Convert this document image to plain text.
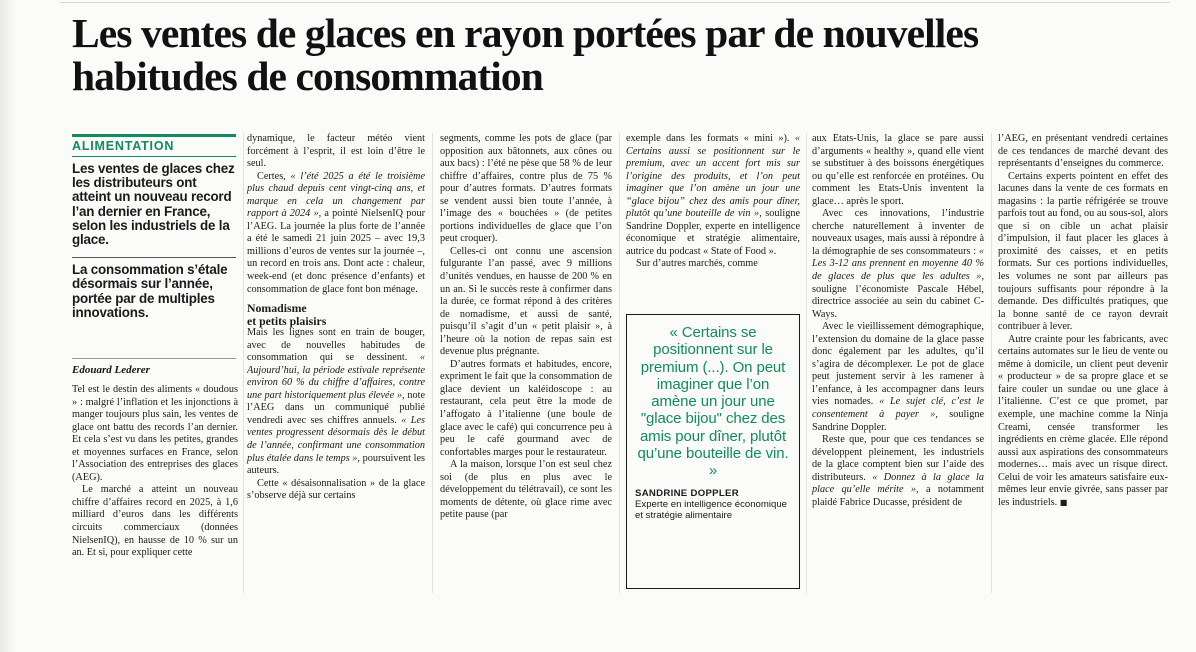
Les ventes de glaces en rayon portées par de nouvelles
habitudes de consommation
ALIMENTATION

Les ventes de glaces chez les distributeurs ont atteint un nouveau record l’an dernier en France, selon les industriels de la glace.

La consommation s’étale désormais sur l’année, portée par de multiples innovations.

Edouard Lederer

Tel est le destin des aliments « doudous » : malgré l’inflation et les injonctions à manger toujours plus sain, les ventes de glace ont battu des records l’an dernier. Et cela s’est vu dans les petites, grandes et moyennes surfaces en France, selon l’Association des entreprises des glaces (AEG).

Le marché a atteint un nouveau chiffre d’affaires record en 2025, à 1,6 milliard d’euros dans les différents circuits commerciaux (données NielsenIQ), en hausse de 10 % sur un an. Et si, pour expliquer cette

dynamique, le facteur météo vient forcément à l’esprit, il est loin d’être le seul.

Certes, « l’été 2025 a été le troisième plus chaud depuis cent vingt-cinq ans, et marque en cela un changement par rapport à 2024 », a pointé NielsenIQ pour l’AEG. La journée la plus forte de l’année a été le samedi 21 juin 2025 – avec 19,3 millions d’euros de ventes sur la journée –, un record en trois ans. Dont acte : chaleur, week-end (et donc présence d’enfants) et consommation de glace font bon ménage.

Nomadisme
et petits plaisirs

Mais les lignes sont en train de bouger, avec de nouvelles habitudes de consommation qui se dessinent. « Aujourd’hui, la période estivale représente environ 60 % du chiffre d’affaires, contre une part historiquement plus élevée », note l’AEG dans un communiqué publié vendredi avec ses chiffres annuels. « Les ventes progressent désormais dès le début de l’année, confirmant une consommation plus étalée dans le temps », poursuivent les auteurs.

Cette « désaisonnalisation » de la glace s’observe déjà sur certains

segments, comme les pots de glace (par opposition aux bâtonnets, aux cônes ou aux bacs) : l’été ne pèse que 58 % de leur chiffre d’affaires, contre plus de 75 % pour d’autres formats. D’autres formats se vendent aussi bien toute l’année, à l’image des « bouchées » (de petites portions individuelles de glace que l’on peut croquer).

Celles-ci ont connu une ascension fulgurante l’an passé, avec 9 millions d’unités vendues, en hausse de 200 % en un an. Si le succès reste à confirmer dans la durée, ce format répond à des critères de nomadisme, et aussi de santé, puisqu’il s’agit d’un « petit plaisir », à l’heure où la notion de repas sain est devenue plus prégnante.

D’autres formats et habitudes, encore, expriment le fait que la consommation de glace devient un kaléidoscope : au restaurant, cela peut être la mode de l’affogato à l’italienne (une boule de glace avec le café) qui concurrence peu à peu le café gourmand avec de confortables marges pour le restaurateur.

A la maison, lorsque l’on est seul chez soi (de plus en plus avec le développement du télétravail), ce sont les moments de détente, où glace rime avec petite pause (par

exemple dans les formats « mini »). « Certains aussi se positionnent sur le premium, avec un accent fort mis sur l’origine des produits, et l’on peut imaginer que l’on amène un jour une “glace bijou” chez des amis pour dîner, plutôt qu’une bouteille de vin », souligne Sandrine Doppler, experte en intelligence économique et stratégie alimentaire, autrice du podcast « State of Food ».

Sur d’autres marchés, comme

« Certains se positionnent sur le premium (...). On peut imaginer que l’on amène un jour une "glace bijou" chez des amis pour dîner, plutôt qu’une bouteille de vin. »
SANDRINE DOPPLER
Experte en intelligence économique et stratégie alimentaire

aux Etats-Unis, la glace se pare aussi d’arguments « healthy », quand elle vient se substituer à des boissons énergétiques ou qu’elle est renforcée en protéines. Ou comment les Etats-Unis inventent la glace… après le sport.

Avec ces innovations, l’industrie cherche naturellement à inventer de nouveaux usages, mais aussi à répondre à la démographie de ses consommateurs : « Les 3-12 ans prennent en moyenne 40 % de glaces de plus que les adultes », souligne l’économiste Pascale Hébel, directrice associée au sein du cabinet C-Ways.

Avec le vieillissement démographique, l’extension du domaine de la glace passe donc également par les adultes, qu’il s’agira de décomplexer. Le pot de glace peut justement servir à les ramener à l’enfance, à les accompagner dans leurs vies nomades. « Le sujet clé, c’est le consentement à payer », souligne Sandrine Doppler.

Reste que, pour que ces tendances se développent pleinement, les industriels de la glace comptent bien sur l’aide des distributeurs. « Donnez à la glace la place qu’elle mérite », a notamment plaidé Fabrice Ducasse, président de

l’AEG, en présentant vendredi certaines de ces tendances de marché devant des représentants d’enseignes du commerce.

Certains experts pointent en effet des lacunes dans la vente de ces formats en magasins : la partie réfrigérée se trouve parfois tout au fond, ou au sous-sol, alors que si on cible un achat plaisir d’impulsion, il faut placer les glaces à proximité des caisses, et en petits formats. Sur ces portions individuelles, les volumes ne sont par ailleurs pas toujours suffisants pour répondre à la demande. Des difficultés pratiques, que la bonne santé de ce rayon devrait contribuer à lever.

Autre crainte pour les fabricants, avec certains automates sur le lieu de vente ou même à domicile, un client peut devenir « producteur » de sa propre glace et se faire couler un sundae ou une glace à l’italienne. C’est ce que promet, par exemple, une machine comme la Ninja Creami, censée transformer les ingrédients en crème glacée. Elle répond aussi aux aspirations des consommateurs modernes… mais avec un risque direct. Celui de voir les amateurs satisfaire eux-mêmes leur envie givrée, sans passer par les industriels. ■
